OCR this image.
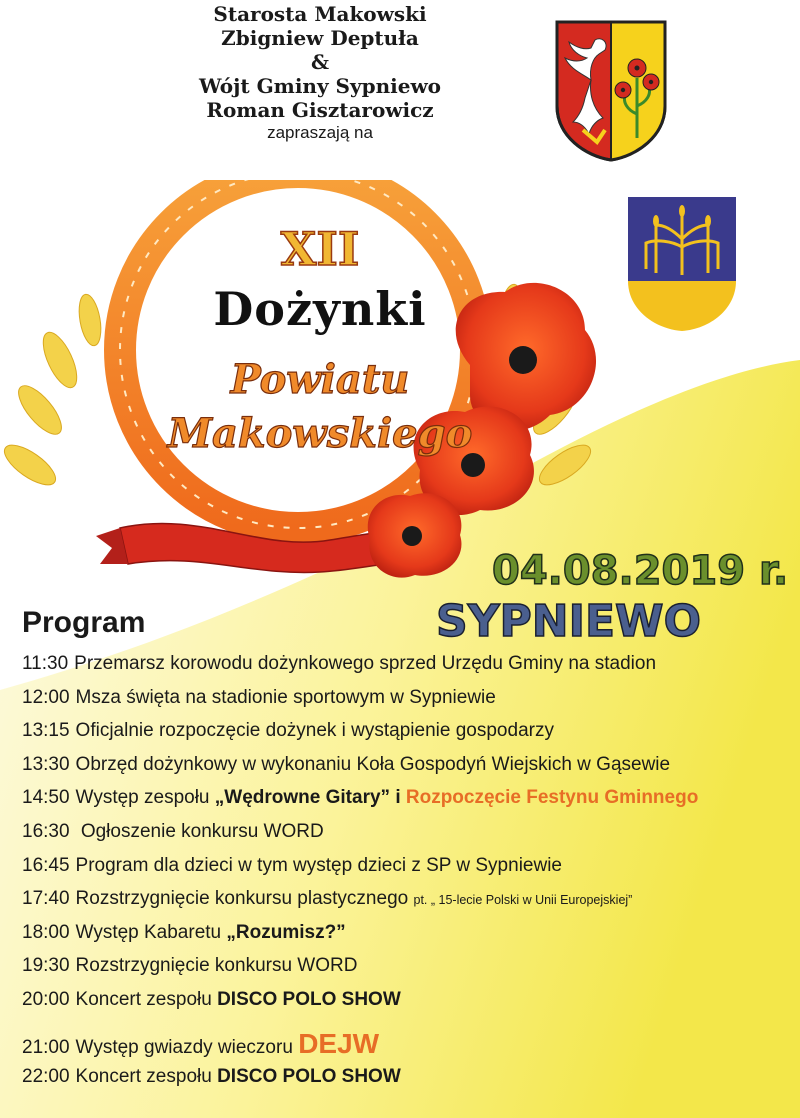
Starosta Makowski
Zbigniew Deptuła
&
Wójt Gminy Sypniewo
Roman Gisztarowicz
zapraszają na
XII
Dożynki
Powiatu
Makowskiego
04.08.2019 r.
SYPNIEWO
Program
11:30 Przemarsz korowodu dożynkowego sprzed Urzędu Gminy na stadion
12:00 Msza święta na stadionie sportowym w Sypniewie
13:15 Oficjalnie rozpoczęcie dożynek i wystąpienie gospodarzy
13:30 Obrzęd dożynkowy w wykonaniu Koła Gospodyń Wiejskich w Gąsewie
14:50 Występ zespołu „Wędrowne Gitary” i Rozpoczęcie Festynu Gminnego
16:30 Ogłoszenie konkursu WORD
16:45 Program dla dzieci w tym występ dzieci z SP w Sypniewie
17:40 Rozstrzygnięcie konkursu plastycznego pt. „ 15-lecie Polski w Unii Europejskiej”
18:00 Występ Kabaretu „Rozumisz?”
19:30 Rozstrzygnięcie konkursu WORD
20:00 Koncert zespołu DISCO POLO SHOW
21:00 Występ gwiazdy wieczoru DEJW
22:00 Koncert zespołu DISCO POLO SHOW
